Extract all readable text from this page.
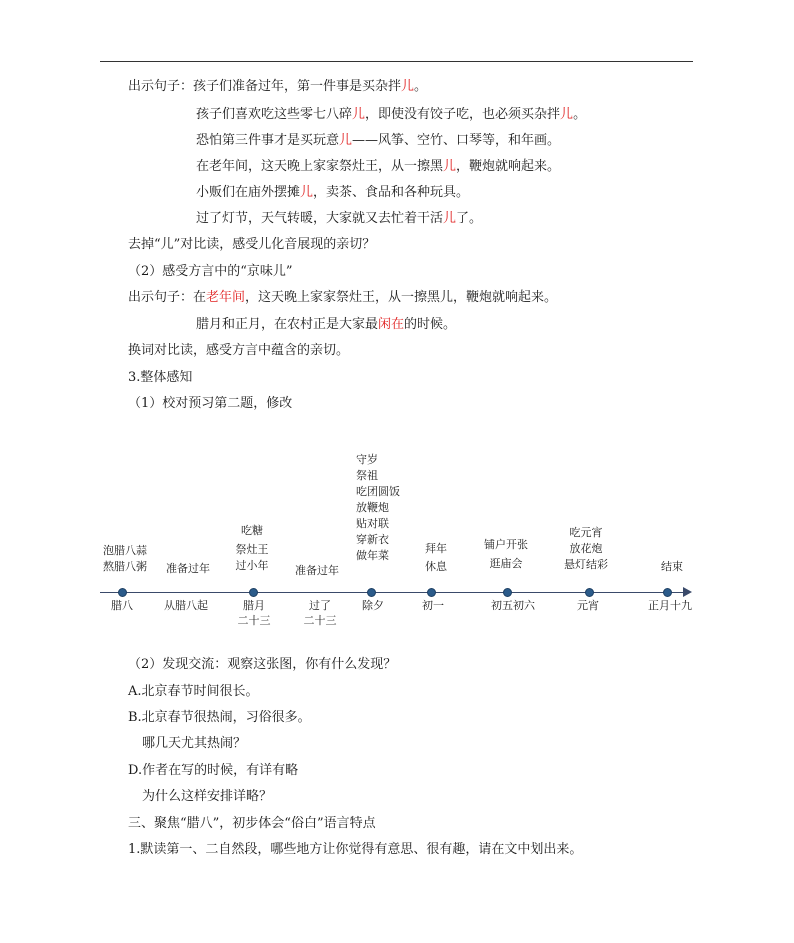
出示句子：孩子们准备过年，第一件事是买杂拌儿。
孩子们喜欢吃这些零七八碎儿，即使没有饺子吃，也必须买杂拌儿。
恐怕第三件事才是买玩意儿——风筝、空竹、口琴等，和年画。
在老年间，这天晚上家家祭灶王，从一擦黑儿，鞭炮就响起来。
小贩们在庙外摆摊儿，卖茶、食品和各种玩具。
过了灯节，天气转暖，大家就又去忙着干活儿了。
去掉“儿”对比读，感受儿化音展现的亲切？
（2）感受方言中的“京味儿”
出示句子：在老年间，这天晚上家家祭灶王，从一擦黑儿，鞭炮就响起来。
腊月和正月，在农村正是大家最闲在的时候。
换词对比读，感受方言中蕴含的亲切。
3.整体感知
（1）校对预习第二题，修改
泡腊八蒜
熬腊八粥	准备过年
吃糖
祭灶王
过小年	准备过年
守岁
祭祖
吃团圆饭
放鞭炮
贴对联
穿新衣
做年菜
拜年
休息
铺户开张
逛庙会
吃元宵
放花炮
悬灯结彩	结束
腊八	从腊八起	腊月
二十三
过了
二十三
除夕	初一	初五初六	元宵	正月十九
（2）发现交流：观察这张图，你有什么发现？
A.北京春节时间很长。
B.北京春节很热闹，习俗很多。
哪几天尤其热闹？
D.作者在写的时候，有详有略
为什么这样安排详略？
三、聚焦“腊八”，初步体会“俗白”语言特点
1.默读第一、二自然段，哪些地方让你觉得有意思、很有趣，请在文中划出来。
